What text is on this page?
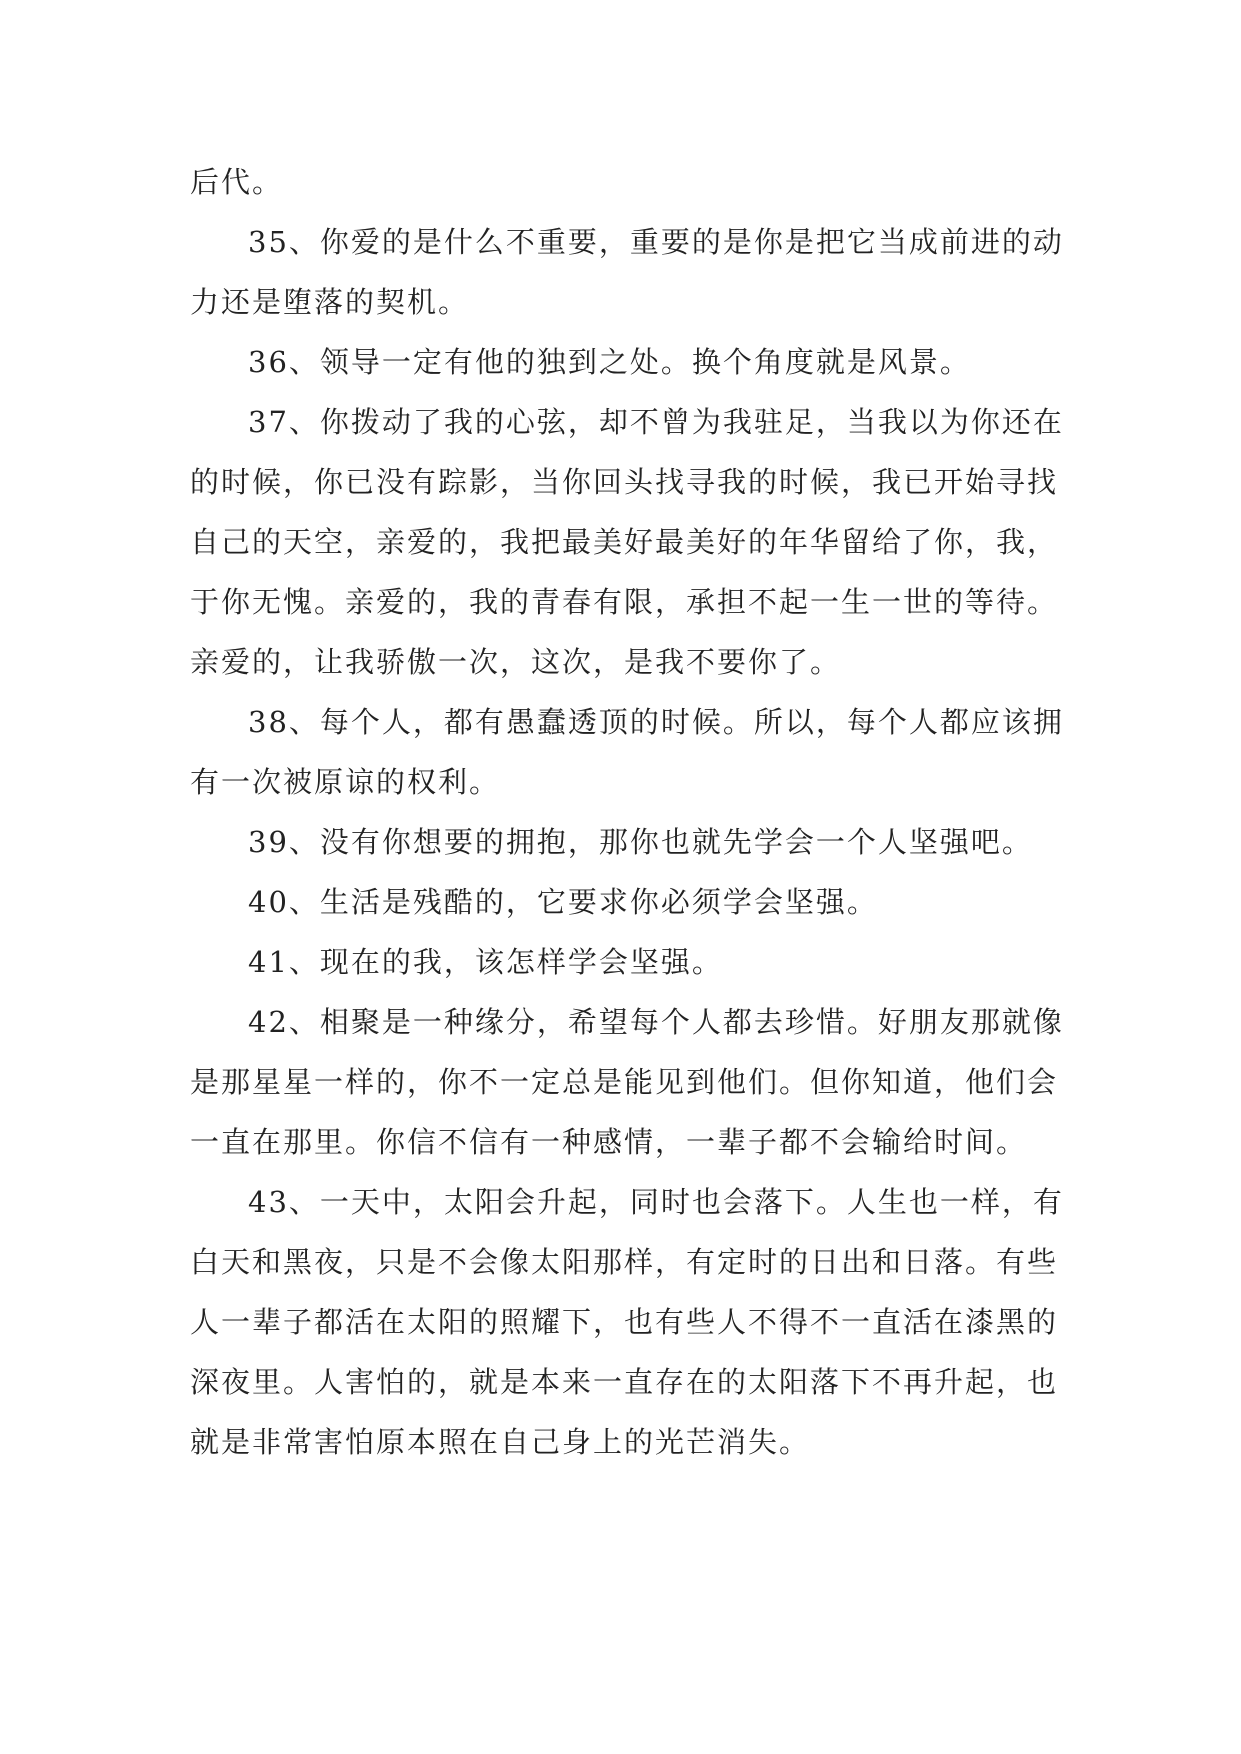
后代。

35、你爱的是什么不重要，重要的是你是把它当成前进的动力还是堕落的契机。

36、领导一定有他的独到之处。换个角度就是风景。

37、你拨动了我的心弦，却不曾为我驻足，当我以为你还在的时候，你已没有踪影，当你回头找寻我的时候，我已开始寻找自己的天空，亲爱的，我把最美好最美好的年华留给了你，我，于你无愧。亲爱的，我的青春有限，承担不起一生一世的等待。亲爱的，让我骄傲一次，这次，是我不要你了。

38、每个人，都有愚蠢透顶的时候。所以，每个人都应该拥有一次被原谅的权利。

39、没有你想要的拥抱，那你也就先学会一个人坚强吧。

40、生活是残酷的，它要求你必须学会坚强。

41、现在的我，该怎样学会坚强。

42、相聚是一种缘分，希望每个人都去珍惜。好朋友那就像是那星星一样的，你不一定总是能见到他们。但你知道，他们会一直在那里。你信不信有一种感情，一辈子都不会输给时间。

43、一天中，太阳会升起，同时也会落下。人生也一样，有白天和黑夜，只是不会像太阳那样，有定时的日出和日落。有些人一辈子都活在太阳的照耀下，也有些人不得不一直活在漆黑的深夜里。人害怕的，就是本来一直存在的太阳落下不再升起，也就是非常害怕原本照在自己身上的光芒消失。
